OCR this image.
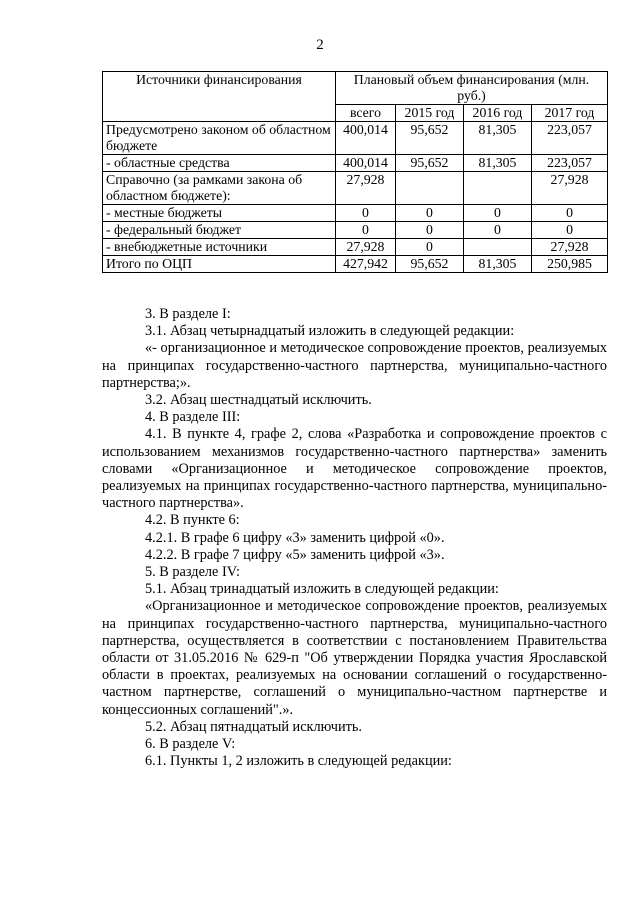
2
Источники финансирования	Плановый объем финансирования (млн. руб.)			
	всего	2015 год	2016 год	2017 год
Предусмотрено законом об областном бюджете	400,014	95,652	81,305	223,057
- областные средства	400,014	95,652	81,305	223,057
Справочно (за рамками закона об областном бюджете):	27,928			27,928
- местные бюджеты	0	0	0	0
- федеральный бюджет	0	0	0	0
- внебюджетные источники	27,928	0		27,928
Итого по ОЦП	427,942	95,652	81,305	250,985

3. В разделе I:

3.1. Абзац четырнадцатый изложить в следующей редакции:

«- организационное и методическое сопровождение проектов, реализуемых на принципах государственно-частного партнерства, муниципально-частного партнерства;».

3.2. Абзац шестнадцатый исключить.

4. В разделе III:

4.1. В пункте 4, графе 2, слова «Разработка и сопровождение проектов с использованием механизмов государственно-частного партнерства» заменить словами «Организационное и методическое сопровождение проектов, реализуемых на принципах государственно-частного партнерства, муниципально-частного партнерства».

4.2. В пункте 6:

4.2.1. В графе 6 цифру «3» заменить цифрой «0».

4.2.2. В графе 7 цифру «5» заменить цифрой «3».

5. В разделе IV:

5.1. Абзац тринадцатый изложить в следующей редакции:

«Организационное и методическое сопровождение проектов, реализуемых на принципах государственно-частного партнерства, муниципально-частного партнерства, осуществляется в соответствии с постановлением Правительства области от 31.05.2016 № 629-п "Об утверждении Порядка участия Ярославской области в проектах, реализуемых на основании соглашений о государственно-частном партнерстве, соглашений о муниципально-частном партнерстве и концессионных соглашений".».

5.2. Абзац пятнадцатый исключить.

6. В разделе V:

6.1. Пункты 1, 2 изложить в следующей редакции:
